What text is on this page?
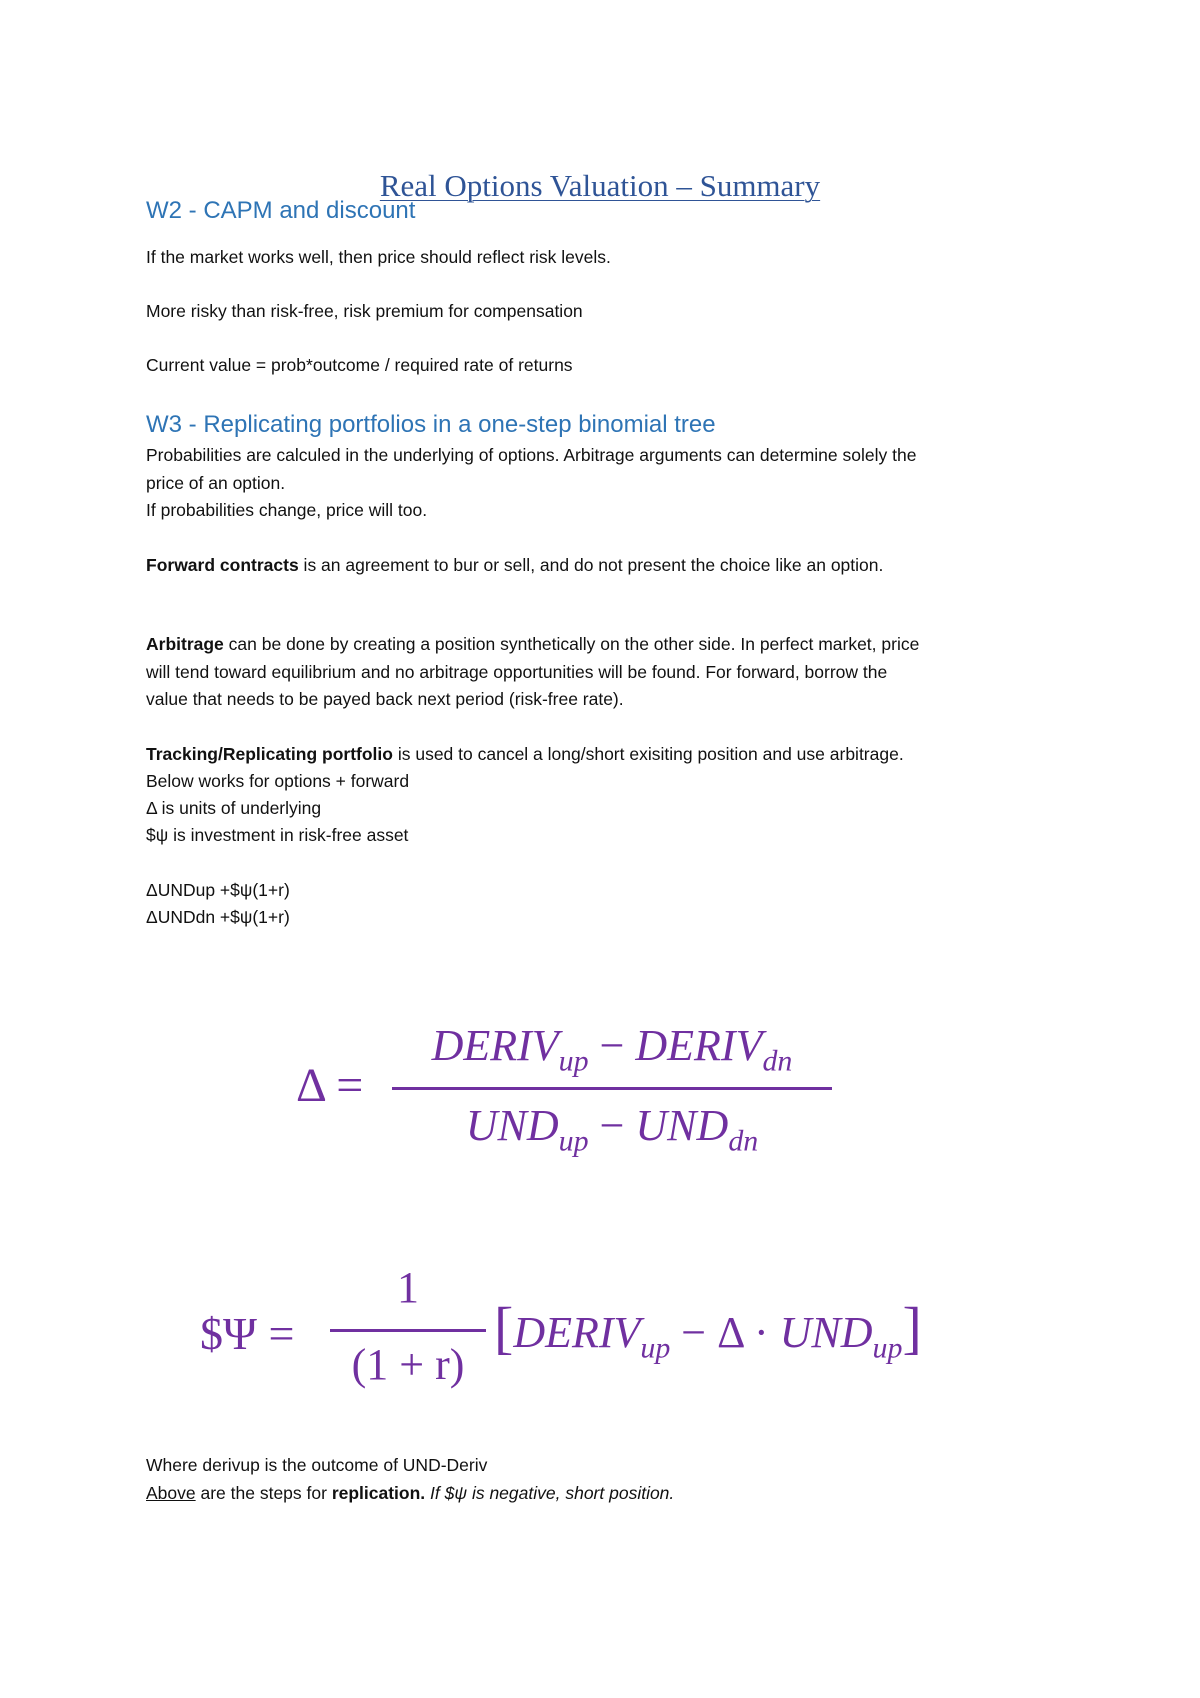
Real Options Valuation – Summary
W2 - CAPM and discount
If the market works well, then price should reflect risk levels.
More risky than risk-free, risk premium for compensation
Current value = prob*outcome / required rate of returns
W3 - Replicating portfolios in a one-step binomial tree
Probabilities are calculed in the underlying of options. Arbitrage arguments can determine solely the
price of an option.
If probabilities change, price will too.
Forward contracts is an agreement to bur or sell, and do not present the choice like an option.
Arbitrage can be done by creating a position synthetically on the other side. In perfect market, price
will tend toward equilibrium and no arbitrage opportunities will be found. For forward, borrow the
value that needs to be payed back next period (risk-free rate).
Tracking/Replicating portfolio is used to cancel a long/short exisiting position and use arbitrage.
Below works for options + forward
Δ is units of underlying
$ψ is investment in risk-free asset
ΔUNDup +$ψ(1+r)
ΔUNDdn +$ψ(1+r)
Δ =
$DERIV_{up}$ − $DERIV_{dn}$
$UND_{up} - UND_{dn}$
$Ψ =
1
(1 + r)
$[DERIV_{up} - \Delta \cdot UND_{up}]$
Where derivup is the outcome of UND-Deriv
Above are the steps for replication. If $ψ is negative, short position.
